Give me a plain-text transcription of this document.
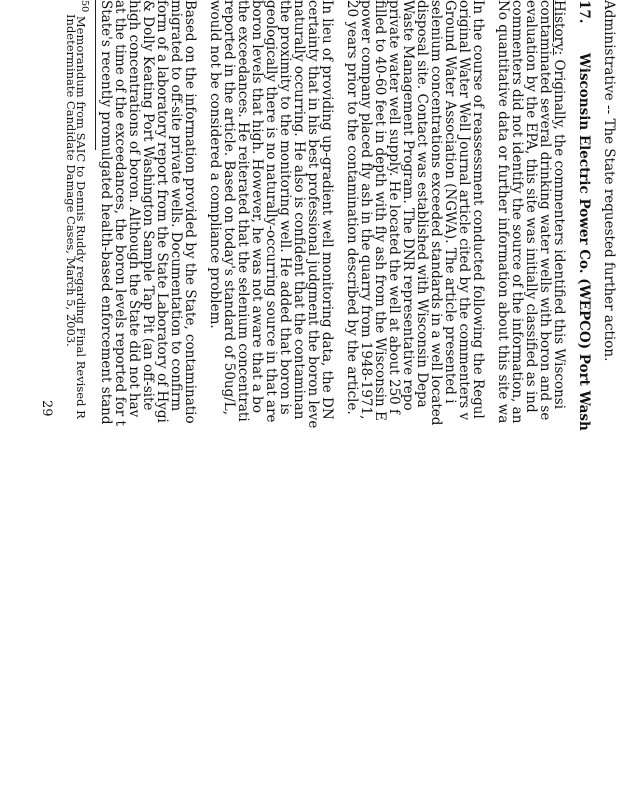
Administrative -- The State requested further action.
17.  Wisconsin Electric Power Co. (WEPCO) Port Wash
History: Originally, the commenters identified this Wisconsi
contaminated several drinking water wells with boron and se
evaluation by the EPA, this site was initially classified as ind
commenters did not identify the source of the information, an
No quantitative data or further information about this site wa
In the course of reassessment conducted following the Regul
original Water Well Journal article cited by the commenters v
Ground Water Association (NGWA). The article presented i
selenium concentrations exceeded standards in a well located
disposal site. Contact was established with Wisconsin Depa
Waste Management Program. The DNR representative repo
private water well supply. He located the well at about 250 f
filled to 40-60 feet in depth with fly ash from the Wisconsin E
power company placed fly ash in the quarry from 1948-1971,
20 years prior to the contamination described by the article.
In lieu of providing up-gradient well monitoring data, the DN
certainty that in his best professional judgment the boron leve
naturally occurring. He also is confident that the contaminan
the proximity to the monitoring well. He added that boron is
geologically there is no naturally-occurring source in that are
boron levels that high. However, he was not aware that a bo
the exceedances. He reiterated that the selenium concentrati
reported in the article. Based on today's standard of 50ug/L,
would not be considered a compliance problem.
Based on the information provided by the State, contaminatio
migrated to off-site private wells. Documentation to confirm
form of a laboratory report from the State Laboratory of Hygi
& Dolly Keating Port Washington Sample Tap Pit (an off-site
high concentrations of boron. Although the State did not hav
at the time of the exceedances, the boron levels reported for t
State's recently promulgated health-based enforcement stand
$^{50}$ Memorandum from SAIC to Dennis Ruddy regarding Final Revised R
Indeterminate Candidate Damage Cases, March 5, 2003.
29
